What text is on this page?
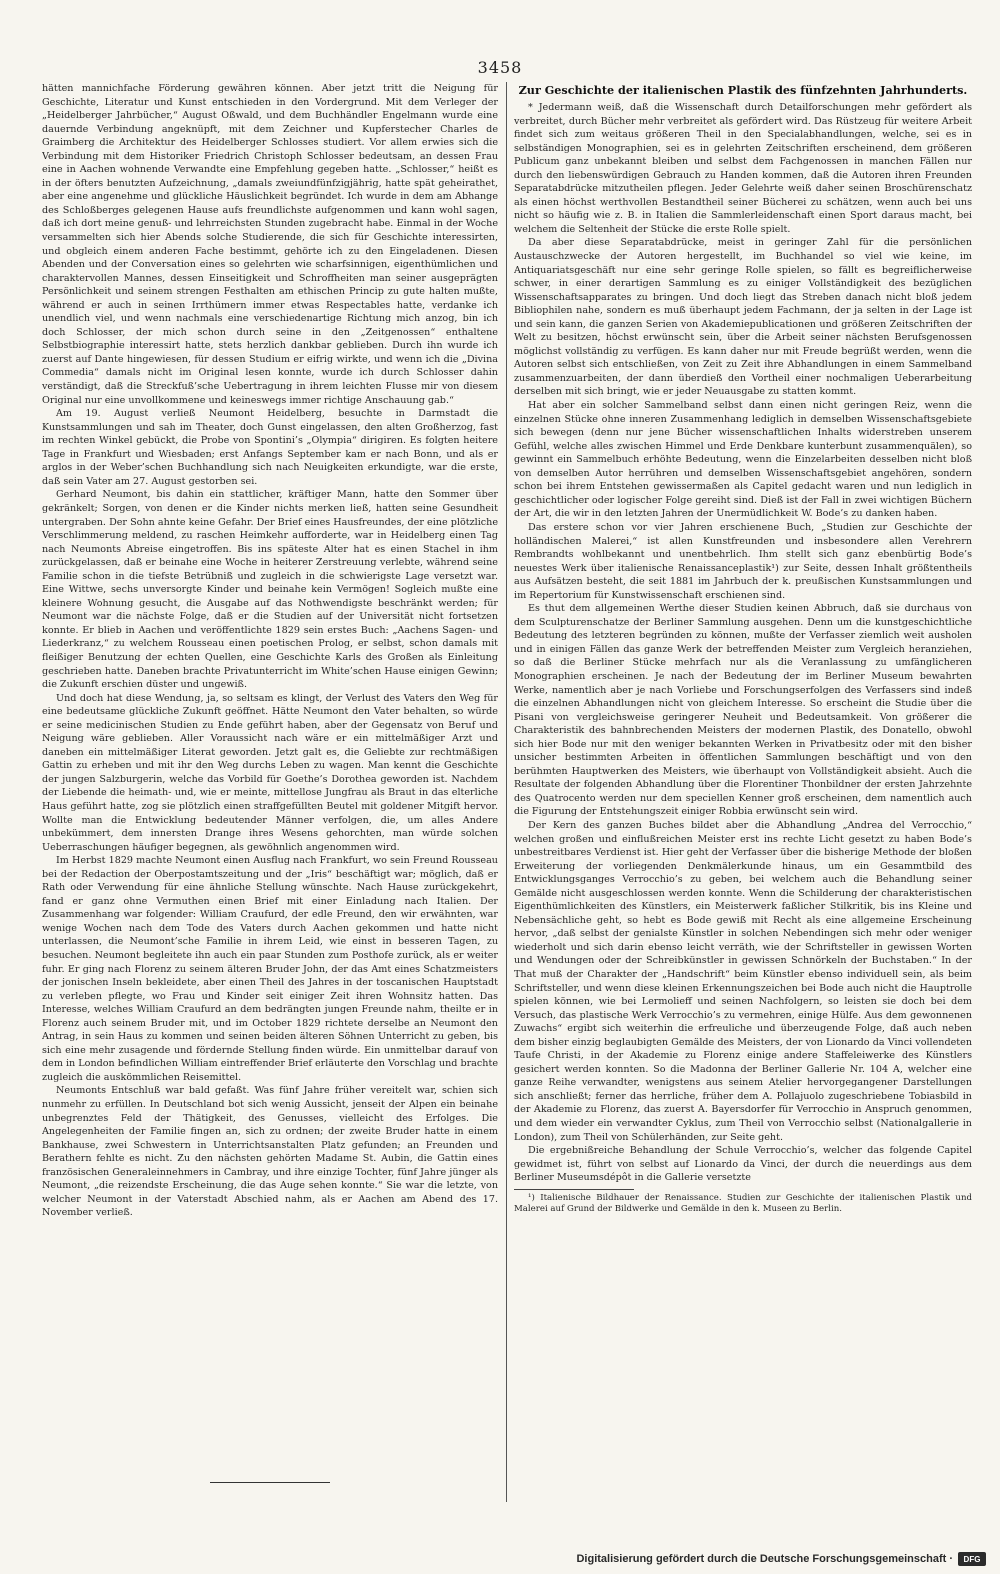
3458

hätten mannichfache Förderung gewähren können. Aber jetzt tritt die Neigung für Geschichte, Literatur und Kunst entschieden in den Vordergrund. Mit dem Verleger der „Heidelberger Jahrbücher,“ August Oßwald, und dem Buchhändler Engelmann wurde eine dauernde Verbindung angeknüpft, mit dem Zeichner und Kupferstecher Charles de Graimberg die Architektur des Heidelberger Schlosses studiert. Vor allem erwies sich die Verbindung mit dem Historiker Friedrich Christoph Schlosser bedeutsam, an dessen Frau eine in Aachen wohnende Verwandte eine Empfehlung gegeben hatte. „Schlosser,“ heißt es in der öfters benutzten Aufzeichnung, „damals zweiundfünfzigjährig, hatte spät geheirathet, aber eine angenehme und glückliche Häuslichkeit begründet. Ich wurde in dem am Abhange des Schloßberges gelegenen Hause aufs freundlichste aufgenommen und kann wohl sagen, daß ich dort meine genuß- und lehrreichsten Stunden zugebracht habe. Einmal in der Woche versammelten sich hier Abends solche Studierende, die sich für Geschichte interessirten, und obgleich einem anderen Fache bestimmt, gehörte ich zu den Eingeladenen. Diesen Abenden und der Conversation eines so gelehrten wie scharfsinnigen, eigenthümlichen und charaktervollen Mannes, dessen Einseitigkeit und Schroffheiten man seiner ausgeprägten Persönlichkeit und seinem strengen Festhalten am ethischen Princip zu gute halten mußte, während er auch in seinen Irrthümern immer etwas Respectables hatte, verdanke ich unendlich viel, und wenn nachmals eine verschiedenartige Richtung mich anzog, bin ich doch Schlosser, der mich schon durch seine in den „Zeitgenossen“ enthaltene Selbstbiographie interessirt hatte, stets herzlich dankbar geblieben. Durch ihn wurde ich zuerst auf Dante hingewiesen, für dessen Studium er eifrig wirkte, und wenn ich die „Divina Commedia“ damals nicht im Original lesen konnte, wurde ich durch Schlosser dahin verständigt, daß die Streckfuß’sche Uebertragung in ihrem leichten Flusse mir von diesem Original nur eine unvollkommene und keineswegs immer richtige Anschauung gab.“

Am 19. August verließ Neumont Heidelberg, besuchte in Darmstadt die Kunstsammlungen und sah im Theater, doch Gunst eingelassen, den alten Großherzog, fast im rechten Winkel gebückt, die Probe von Spontini’s „Olympia“ dirigiren. Es folgten heitere Tage in Frankfurt und Wiesbaden; erst Anfangs September kam er nach Bonn, und als er arglos in der Weber’schen Buchhandlung sich nach Neuigkeiten erkundigte, war die erste, daß sein Vater am 27. August gestorben sei.

Gerhard Neumont, bis dahin ein stattlicher, kräftiger Mann, hatte den Sommer über gekränkelt; Sorgen, von denen er die Kinder nichts merken ließ, hatten seine Gesundheit untergraben. Der Sohn ahnte keine Gefahr. Der Brief eines Hausfreundes, der eine plötzliche Verschlimmerung meldend, zu raschen Heimkehr aufforderte, war in Heidelberg einen Tag nach Neumonts Abreise eingetroffen. Bis ins späteste Alter hat es einen Stachel in ihm zurückgelassen, daß er beinahe eine Woche in heiterer Zerstreuung verlebte, während seine Familie schon in die tiefste Betrübniß und zugleich in die schwierigste Lage versetzt war. Eine Wittwe, sechs unversorgte Kinder und beinahe kein Vermögen! Sogleich mußte eine kleinere Wohnung gesucht, die Ausgabe auf das Nothwendigste beschränkt werden; für Neumont war die nächste Folge, daß er die Studien auf der Universität nicht fortsetzen konnte. Er blieb in Aachen und veröffentlichte 1829 sein erstes Buch: „Aachens Sagen- und Liederkranz,“ zu welchem Rousseau einen poetischen Prolog, er selbst, schon damals mit fleißiger Benutzung der echten Quellen, eine Geschichte Karls des Großen als Einleitung geschrieben hatte. Daneben brachte Privatunterricht im White’schen Hause einigen Gewinn; die Zukunft erschien düster und ungewiß.

Und doch hat diese Wendung, ja, so seltsam es klingt, der Verlust des Vaters den Weg für eine bedeutsame glückliche Zukunft geöffnet. Hätte Neumont den Vater behalten, so würde er seine medicinischen Studien zu Ende geführt haben, aber der Gegensatz von Beruf und Neigung wäre geblieben. Aller Voraussicht nach wäre er ein mittelmäßiger Arzt und daneben ein mittelmäßiger Literat geworden. Jetzt galt es, die Geliebte zur rechtmäßigen Gattin zu erheben und mit ihr den Weg durchs Leben zu wagen. Man kennt die Geschichte der jungen Salzburgerin, welche das Vorbild für Goethe’s Dorothea geworden ist. Nachdem der Liebende die heimath- und, wie er meinte, mittellose Jungfrau als Braut in das elterliche Haus geführt hatte, zog sie plötzlich einen straffgefüllten Beutel mit goldener Mitgift hervor. Wollte man die Entwicklung bedeutender Männer verfolgen, die, um alles Andere unbekümmert, dem innersten Drange ihres Wesens gehorchten, man würde solchen Ueberraschungen häufiger begegnen, als gewöhnlich angenommen wird.

Im Herbst 1829 machte Neumont einen Ausflug nach Frankfurt, wo sein Freund Rousseau bei der Redaction der Oberpostamtszeitung und der „Iris“ beschäftigt war; möglich, daß er Rath oder Verwendung für eine ähnliche Stellung wünschte. Nach Hause zurückgekehrt, fand er ganz ohne Vermuthen einen Brief mit einer Einladung nach Italien. Der Zusammenhang war folgender: William Craufurd, der edle Freund, den wir erwähnten, war wenige Wochen nach dem Tode des Vaters durch Aachen gekommen und hatte nicht unterlassen, die Neumont’sche Familie in ihrem Leid, wie einst in besseren Tagen, zu besuchen. Neumont begleitete ihn auch ein paar Stunden zum Posthofe zurück, als er weiter fuhr. Er ging nach Florenz zu seinem älteren Bruder John, der das Amt eines Schatzmeisters der jonischen Inseln bekleidete, aber einen Theil des Jahres in der toscanischen Hauptstadt zu verleben pflegte, wo Frau und Kinder seit einiger Zeit ihren Wohnsitz hatten. Das Interesse, welches William Craufurd an dem bedrängten jungen Freunde nahm, theilte er in Florenz auch seinem Bruder mit, und im October 1829 richtete derselbe an Neumont den Antrag, in sein Haus zu kommen und seinen beiden älteren Söhnen Unterricht zu geben, bis sich eine mehr zusagende und fördernde Stellung finden würde. Ein unmittelbar darauf von dem in London befindlichen William eintreffender Brief erläuterte den Vorschlag und brachte zugleich die auskömmlichen Reisemittel.

Neumonts Entschluß war bald gefaßt. Was fünf Jahre früher vereitelt war, schien sich nunmehr zu erfüllen. In Deutschland bot sich wenig Aussicht, jenseit der Alpen ein beinahe unbegrenztes Feld der Thätigkeit, des Genusses, vielleicht des Erfolges. Die Angelegenheiten der Familie fingen an, sich zu ordnen; der zweite Bruder hatte in einem Bankhause, zwei Schwestern in Unterrichtsanstalten Platz gefunden; an Freunden und Berathern fehlte es nicht. Zu den nächsten gehörten Madame St. Aubin, die Gattin eines französischen Generaleinnehmers in Cambray, und ihre einzige Tochter, fünf Jahre jünger als Neumont, „die reizendste Erscheinung, die das Auge sehen konnte.“ Sie war die letzte, von welcher Neumont in der Vaterstadt Abschied nahm, als er Aachen am Abend des 17. November verließ.

Zur Geschichte der italienischen Plastik des fünfzehnten Jahrhunderts.

* Jedermann weiß, daß die Wissenschaft durch Detailforschungen mehr gefördert als verbreitet, durch Bücher mehr verbreitet als gefördert wird. Das Rüstzeug für weitere Arbeit findet sich zum weitaus größeren Theil in den Specialabhandlungen, welche, sei es in selbständigen Monographien, sei es in gelehrten Zeitschriften erscheinend, dem größeren Publicum ganz unbekannt bleiben und selbst dem Fachgenossen in manchen Fällen nur durch den liebenswürdigen Gebrauch zu Handen kommen, daß die Autoren ihren Freunden Separatabdrücke mitzutheilen pflegen. Jeder Gelehrte weiß daher seinen Broschürenschatz als einen höchst werthvollen Bestandtheil seiner Bücherei zu schätzen, wenn auch bei uns nicht so häufig wie z. B. in Italien die Sammlerleidenschaft einen Sport daraus macht, bei welchem die Seltenheit der Stücke die erste Rolle spielt.

Da aber diese Separatabdrücke, meist in geringer Zahl für die persönlichen Austauschzwecke der Autoren hergestellt, im Buchhandel so viel wie keine, im Antiquariatsgeschäft nur eine sehr geringe Rolle spielen, so fällt es begreiflicherweise schwer, in einer derartigen Sammlung es zu einiger Vollständigkeit des bezüglichen Wissenschaftsapparates zu bringen. Und doch liegt das Streben danach nicht bloß jedem Bibliophilen nahe, sondern es muß überhaupt jedem Fachmann, der ja selten in der Lage ist und sein kann, die ganzen Serien von Akademiepublicationen und größeren Zeitschriften der Welt zu besitzen, höchst erwünscht sein, über die Arbeit seiner nächsten Berufsgenossen möglichst vollständig zu verfügen. Es kann daher nur mit Freude begrüßt werden, wenn die Autoren selbst sich entschließen, von Zeit zu Zeit ihre Abhandlungen in einem Sammelband zusammenzuarbeiten, der dann überdieß den Vortheil einer nochmaligen Ueberarbeitung derselben mit sich bringt, wie er jeder Neuausgabe zu statten kommt.

Hat aber ein solcher Sammelband selbst dann einen nicht geringen Reiz, wenn die einzelnen Stücke ohne inneren Zusammenhang lediglich in demselben Wissenschaftsgebiete sich bewegen (denn nur jene Bücher wissenschaftlichen Inhalts widerstreben unserem Gefühl, welche alles zwischen Himmel und Erde Denkbare kunterbunt zusammenquälen), so gewinnt ein Sammelbuch erhöhte Bedeutung, wenn die Einzelarbeiten desselben nicht bloß von demselben Autor herrühren und demselben Wissenschaftsgebiet angehören, sondern schon bei ihrem Entstehen gewissermaßen als Capitel gedacht waren und nun lediglich in geschichtlicher oder logischer Folge gereiht sind. Dieß ist der Fall in zwei wichtigen Büchern der Art, die wir in den letzten Jahren der Unermüdlichkeit W. Bode’s zu danken haben.

Das erstere schon vor vier Jahren erschienene Buch, „Studien zur Geschichte der holländischen Malerei,“ ist allen Kunstfreunden und insbesondere allen Verehrern Rembrandts wohlbekannt und unentbehrlich. Ihm stellt sich ganz ebenbürtig Bode’s neuestes Werk über italienische Renaissanceplastik¹) zur Seite, dessen Inhalt größtentheils aus Aufsätzen besteht, die seit 1881 im Jahrbuch der k. preußischen Kunstsammlungen und im Repertorium für Kunstwissenschaft erschienen sind.

Es thut dem allgemeinen Werthe dieser Studien keinen Abbruch, daß sie durchaus von dem Sculpturenschatze der Berliner Sammlung ausgehen. Denn um die kunstgeschichtliche Bedeutung des letzteren begründen zu können, mußte der Verfasser ziemlich weit ausholen und in einigen Fällen das ganze Werk der betreffenden Meister zum Vergleich heranziehen, so daß die Berliner Stücke mehrfach nur als die Veranlassung zu umfänglicheren Monographien erscheinen. Je nach der Bedeutung der im Berliner Museum bewahrten Werke, namentlich aber je nach Vorliebe und Forschungserfolgen des Verfassers sind indeß die einzelnen Abhandlungen nicht von gleichem Interesse. So erscheint die Studie über die Pisani von vergleichsweise geringerer Neuheit und Bedeutsamkeit. Von größerer die Charakteristik des bahnbrechenden Meisters der modernen Plastik, des Donatello, obwohl sich hier Bode nur mit den weniger bekannten Werken in Privatbesitz oder mit den bisher unsicher bestimmten Arbeiten in öffentlichen Sammlungen beschäftigt und von den berühmten Hauptwerken des Meisters, wie überhaupt von Vollständigkeit absieht. Auch die Resultate der folgenden Abhandlung über die Florentiner Thonbildner der ersten Jahrzehnte des Quatrocento werden nur dem speciellen Kenner groß erscheinen, dem namentlich auch die Figurung der Entstehungszeit einiger Robbia erwünscht sein wird.

Der Kern des ganzen Buches bildet aber die Abhandlung „Andrea del Verrocchio,“ welchen großen und einflußreichen Meister erst ins rechte Licht gesetzt zu haben Bode’s unbestreitbares Verdienst ist. Hier geht der Verfasser über die bisherige Methode der bloßen Erweiterung der vorliegenden Denkmälerkunde hinaus, um ein Gesammtbild des Entwicklungsganges Verrocchio’s zu geben, bei welchem auch die Behandlung seiner Gemälde nicht ausgeschlossen werden konnte. Wenn die Schilderung der charakteristischen Eigenthümlichkeiten des Künstlers, ein Meisterwerk faßlicher Stilkritik, bis ins Kleine und Nebensächliche geht, so hebt es Bode gewiß mit Recht als eine allgemeine Erscheinung hervor, „daß selbst der genialste Künstler in solchen Nebendingen sich mehr oder weniger wiederholt und sich darin ebenso leicht verräth, wie der Schriftsteller in gewissen Worten und Wendungen oder der Schreibkünstler in gewissen Schnörkeln der Buchstaben.“ In der That muß der Charakter der „Handschrift“ beim Künstler ebenso individuell sein, als beim Schriftsteller, und wenn diese kleinen Erkennungszeichen bei Bode auch nicht die Hauptrolle spielen können, wie bei Lermolieff und seinen Nachfolgern, so leisten sie doch bei dem Versuch, das plastische Werk Verrocchio’s zu vermehren, einige Hülfe. Aus dem gewonnenen Zuwachs“ ergibt sich weiterhin die erfreuliche und überzeugende Folge, daß auch neben dem bisher einzig beglaubigten Gemälde des Meisters, der von Lionardo da Vinci vollendeten Taufe Christi, in der Akademie zu Florenz einige andere Staffeleiwerke des Künstlers gesichert werden konnten. So die Madonna der Berliner Gallerie Nr. 104 A, welcher eine ganze Reihe verwandter, wenigstens aus seinem Atelier hervorgegangener Darstellungen sich anschließt; ferner das herrliche, früher dem A. Pollajuolo zugeschriebene Tobiasbild in der Akademie zu Florenz, das zuerst A. Bayersdorfer für Verrocchio in Anspruch genommen, und dem wieder ein verwandter Cyklus, zum Theil von Verrocchio selbst (Nationalgallerie in London), zum Theil von Schülerhänden, zur Seite geht.

Die ergebnißreiche Behandlung der Schule Verrocchio’s, welcher das folgende Capitel gewidmet ist, führt von selbst auf Lionardo da Vinci, der durch die neuerdings aus dem Berliner Museumsdépôt in die Gallerie versetzte

¹) Italienische Bildhauer der Renaissance. Studien zur Geschichte der italienischen Plastik und Malerei auf Grund der Bildwerke und Gemälde in den k. Museen zu Berlin.

Digitalisierung gefördert durch die Deutsche Forschungsgemeinschaft ·	DFG
